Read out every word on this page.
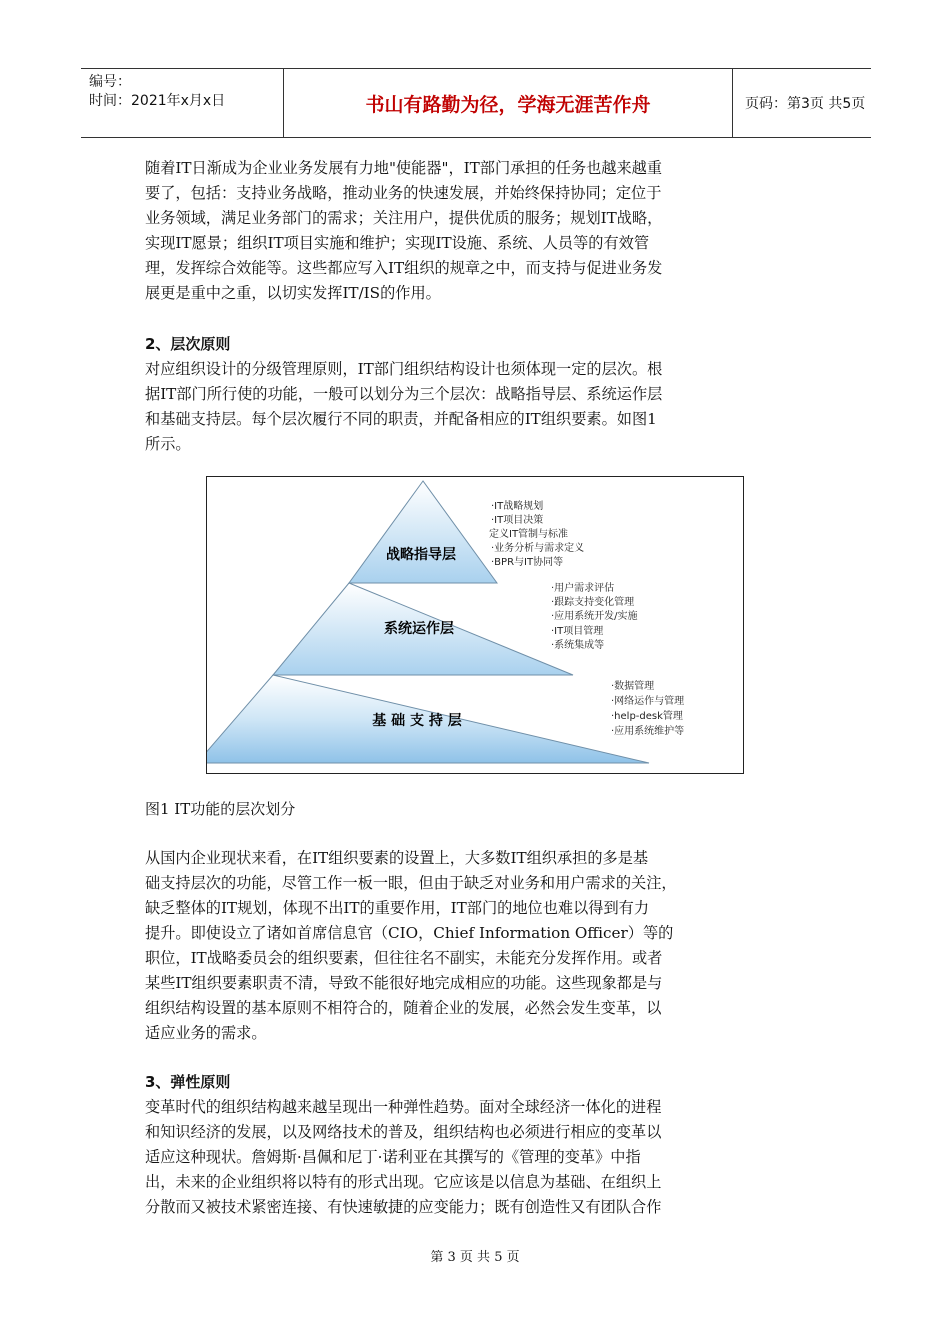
编号：
时间：2021年x月x日	书山有路勤为径，学海无涯苦作舟	页码：第3页 共5页

随着IT日渐成为企业业务发展有力地"使能器"，IT部门承担的任务也越来越重
要了，包括：支持业务战略，推动业务的快速发展，并始终保持协同；定位于
业务领域，满足业务部门的需求；关注用户，提供优质的服务；规划IT战略，
实现IT愿景；组织IT项目实施和维护；实现IT设施、系统、人员等的有效管
理，发挥综合效能等。这些都应写入IT组织的规章之中，而支持与促进业务发
展更是重中之重，以切实发挥IT/IS的作用。

2、层次原则

对应组织设计的分级管理原则，IT部门组织结构设计也须体现一定的层次。根
据IT部门所行使的功能，一般可以划分为三个层次：战略指导层、系统运作层
和基础支持层。每个层次履行不同的职责，并配备相应的IT组织要素。如图1
所示。

战略指导层
系统运作层
基 础 支 持 层
·IT战略规划
·IT项目决策
定义IT管制与标准
·业务分析与需求定义
·BPR与IT协同等
·用户需求评估
·跟踪支持变化管理
·应用系统开发/实施
·IT项目管理
·系统集成等
·数据管理
·网络运作与管理
·help-desk管理
·应用系统维护等
图1 IT功能的层次划分

从国内企业现状来看，在IT组织要素的设置上，大多数IT组织承担的多是基
础支持层次的功能，尽管工作一板一眼，但由于缺乏对业务和用户需求的关注，
缺乏整体的IT规划，体现不出IT的重要作用，IT部门的地位也难以得到有力
提升。即使设立了诸如首席信息官（CIO，Chief Information Officer）等的
职位，IT战略委员会的组织要素，但往往名不副实，未能充分发挥作用。或者
某些IT组织要素职责不清，导致不能很好地完成相应的功能。这些现象都是与
组织结构设置的基本原则不相符合的，随着企业的发展，必然会发生变革，以
适应业务的需求。

3、弹性原则

变革时代的组织结构越来越呈现出一种弹性趋势。面对全球经济一体化的进程
和知识经济的发展，以及网络技术的普及，组织结构也必须进行相应的变革以
适应这种现状。詹姆斯·昌佩和尼丁·诺利亚在其撰写的《管理的变革》中指
出，未来的企业组织将以特有的形式出现。它应该是以信息为基础、在组织上
分散而又被技术紧密连接、有快速敏捷的应变能力；既有创造性又有团队合作

第 3 页 共 5 页
